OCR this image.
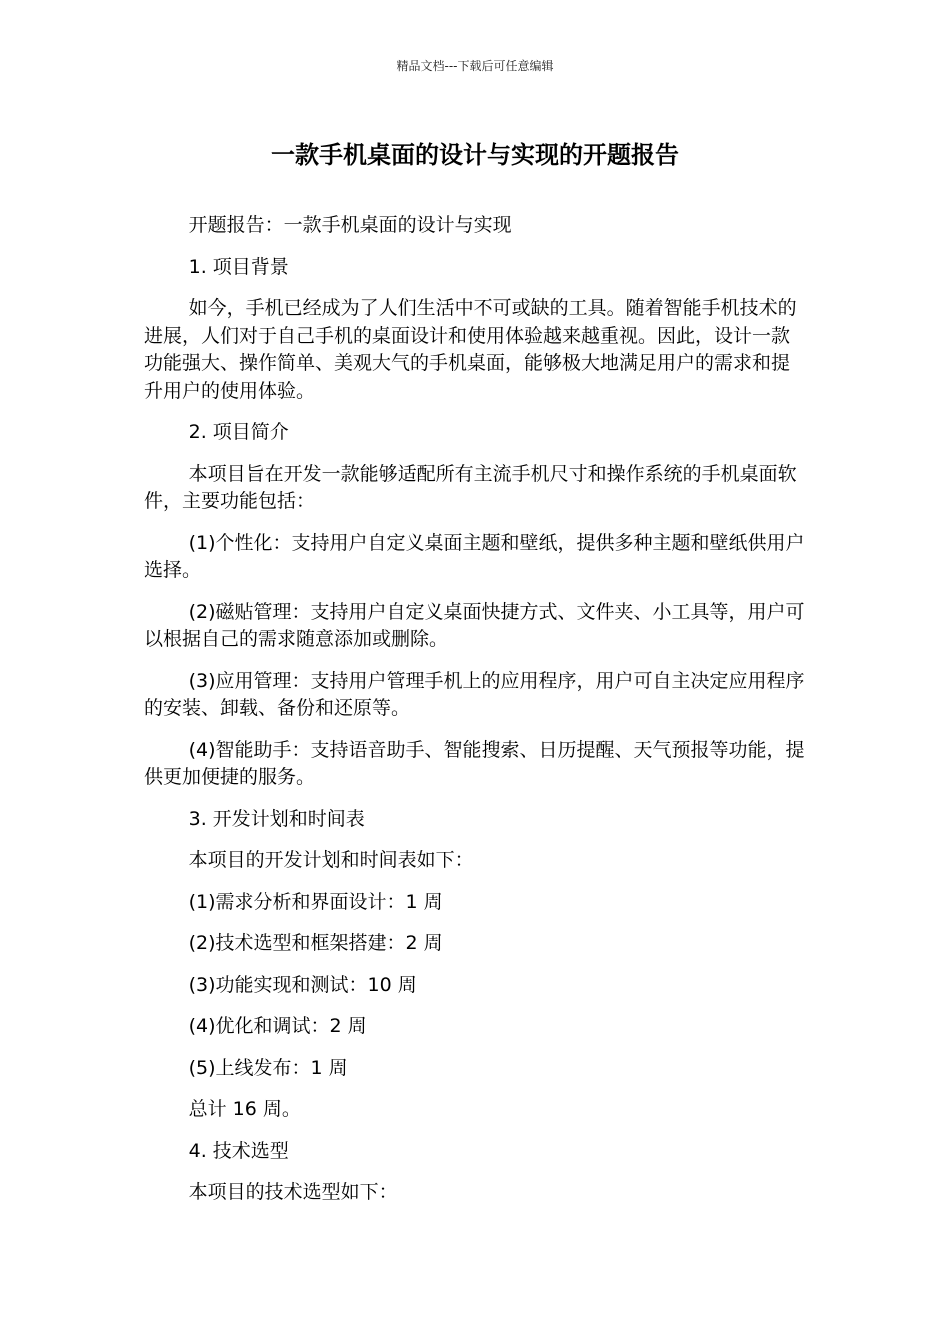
精品文档---下载后可任意编辑
一款手机桌面的设计与实现的开题报告

开题报告：一款手机桌面的设计与实现

1. 项目背景

如今，手机已经成为了人们生活中不可或缺的工具。随着智能手机技术的进展，人们对于自己手机的桌面设计和使用体验越来越重视。因此，设计一款功能强大、操作简单、美观大气的手机桌面，能够极大地满足用户的需求和提升用户的使用体验。

2. 项目简介

本项目旨在开发一款能够适配所有主流手机尺寸和操作系统的手机桌面软件，主要功能包括：

(1)个性化：支持用户自定义桌面主题和壁纸，提供多种主题和壁纸供用户选择。

(2)磁贴管理：支持用户自定义桌面快捷方式、文件夹、小工具等，用户可以根据自己的需求随意添加或删除。

(3)应用管理：支持用户管理手机上的应用程序，用户可自主决定应用程序的安装、卸载、备份和还原等。

(4)智能助手：支持语音助手、智能搜索、日历提醒、天气预报等功能，提供更加便捷的服务。

3. 开发计划和时间表

本项目的开发计划和时间表如下：

(1)需求分析和界面设计：1 周

(2)技术选型和框架搭建：2 周

(3)功能实现和测试：10 周

(4)优化和调试：2 周

(5)上线发布：1 周

总计 16 周。

4. 技术选型

本项目的技术选型如下：
